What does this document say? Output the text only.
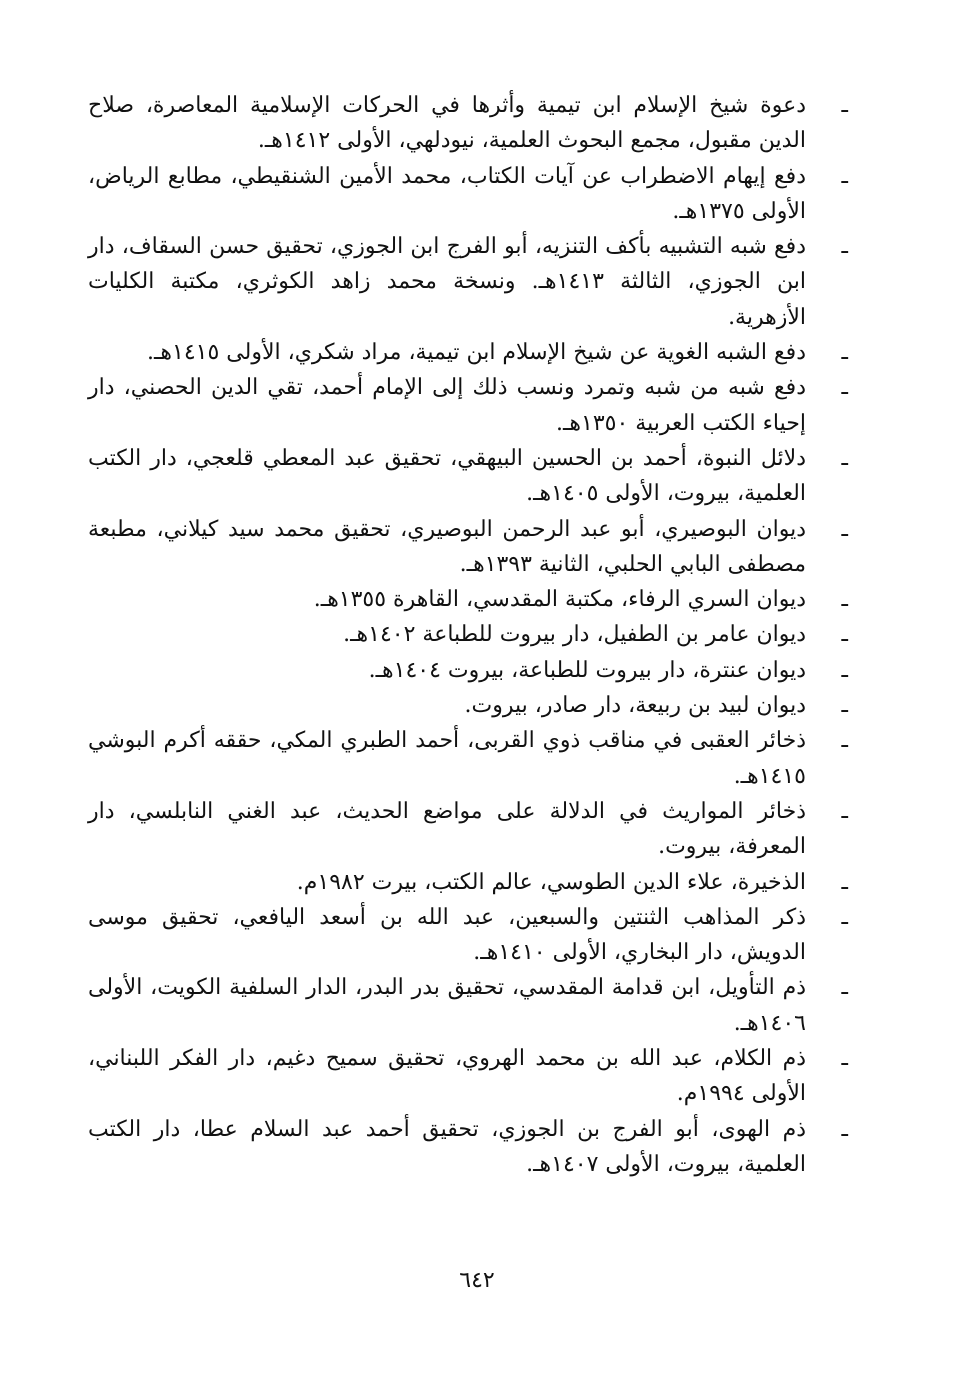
ـ
دعوة شيخ الإسلام ابن تيمية وأثرها في الحركات الإسلامية المعاصرة، صلاح الدين مقبول، مجمع البحوث العلمية، نيودلهي، الأولى ١٤١٢هـ.
ـ
دفع إيهام الاضطراب عن آيات الكتاب، محمد الأمين الشنقيطي، مطابع الرياض، الأولى ١٣٧٥هـ.
ـ
دفع شبه التشبيه بأكف التنزيه، أبو الفرج ابن الجوزي، تحقيق حسن السقاف، دار ابن الجوزي، الثالثة ١٤١٣هـ. ونسخة محمد زاهد الكوثري، مكتبة الكليات الأزهرية.
ـ
دفع الشبه الغوية عن شيخ الإسلام ابن تيمية، مراد شكري، الأولى ١٤١٥هـ.
ـ
دفع شبه من شبه وتمرد ونسب ذلك إلى الإمام أحمد، تقي الدين الحصني، دار إحياء الكتب العربية ١٣٥٠هـ.
ـ
دلائل النبوة، أحمد بن الحسين البيهقي، تحقيق عبد المعطي قلعجي، دار الكتب العلمية، بيروت، الأولى ١٤٠٥هـ.
ـ
ديوان البوصيري، أبو عبد الرحمن البوصيري، تحقيق محمد سيد كيلاني، مطبعة مصطفى البابي الحلبي، الثانية ١٣٩٣هـ.
ـ
ديوان السري الرفاء، مكتبة المقدسي، القاهرة ١٣٥٥هـ.
ـ
ديوان عامر بن الطفيل، دار بيروت للطباعة ١٤٠٢هـ.
ـ
ديوان عنترة، دار بيروت للطباعة، بيروت ١٤٠٤هـ.
ـ
ديوان لبيد بن ربيعة، دار صادر، بيروت.
ـ
ذخائر العقبى في مناقب ذوي القربى، أحمد الطبري المكي، حققه أكرم البوشي ١٤١٥هـ.
ـ
ذخائر المواريث في الدلالة على مواضع الحديث، عبد الغني النابلسي، دار المعرفة، بيروت.
ـ
الذخيرة، علاء الدين الطوسي، عالم الكتب، بيرت ١٩٨٢م.
ـ
ذكر المذاهب الثنتين والسبعين، عبد الله بن أسعد اليافعي، تحقيق موسى الدويش، دار البخاري، الأولى ١٤١٠هـ.
ـ
ذم التأويل، ابن قدامة المقدسي، تحقيق بدر البدر، الدار السلفية الكويت، الأولى ١٤٠٦هـ.
ـ
ذم الكلام، عبد الله بن محمد الهروي، تحقيق سميح دغيم، دار الفكر اللبناني، الأولى ١٩٩٤م.
ـ
ذم الهوى، أبو الفرج بن الجوزي، تحقيق أحمد عبد السلام عطا، دار الكتب العلمية، بيروت، الأولى ١٤٠٧هـ.
٦٤٢
